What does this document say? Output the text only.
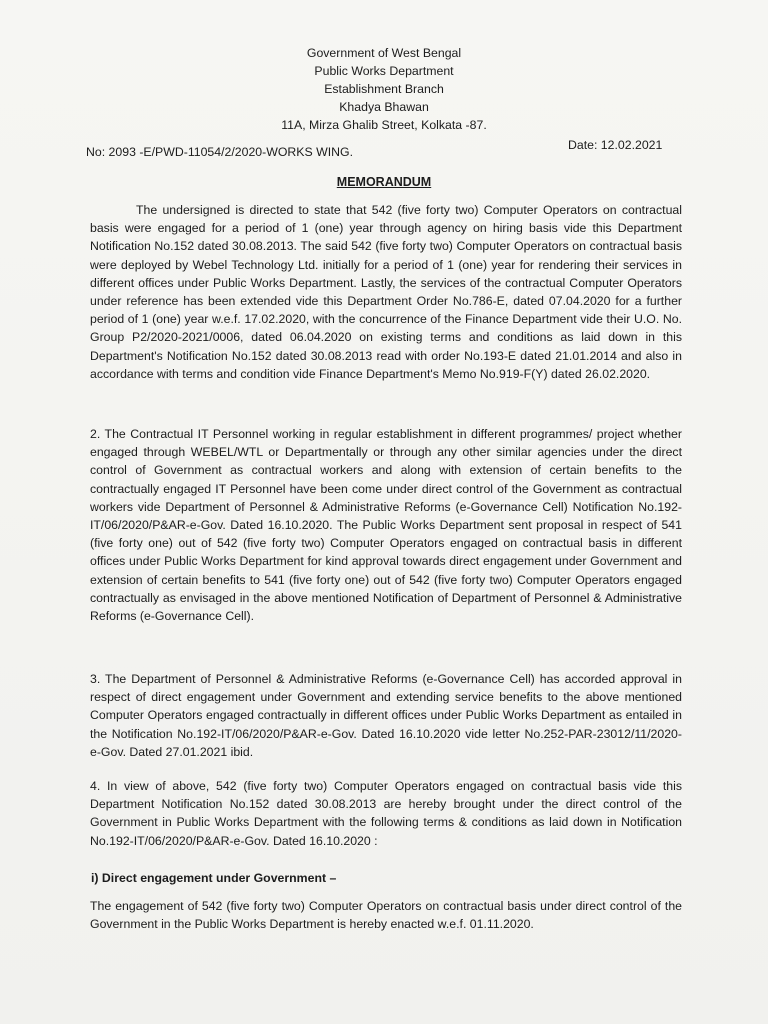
Government of West Bengal
Public Works Department
Establishment Branch
Khadya Bhawan
11A, Mirza Ghalib Street, Kolkata -87.
No: 2093 -E/PWD-11054/2/2020-WORKS WING.	Date: 12.02.2021
MEMORANDUM
The undersigned is directed to state that 542 (five forty two) Computer Operators on contractual basis were engaged for a period of 1 (one) year through agency on hiring basis vide this Department Notification No.152 dated 30.08.2013. The said 542 (five forty two) Computer Operators on contractual basis were deployed by Webel Technology Ltd. initially for a period of 1 (one) year for rendering their services in different offices under Public Works Department. Lastly, the services of the contractual Computer Operators under reference has been extended vide this Department Order No.786-E, dated 07.04.2020 for a further period of 1 (one) year w.e.f. 17.02.2020, with the concurrence of the Finance Department vide their U.O. No. Group P2/2020-2021/0006, dated 06.04.2020 on existing terms and conditions as laid down in this Department's Notification No.152 dated 30.08.2013 read with order No.193-E dated 21.01.2014 and also in accordance with terms and condition vide Finance Department's Memo No.919-F(Y) dated 26.02.2020.
2. The Contractual IT Personnel working in regular establishment in different programmes/ project whether engaged through WEBEL/WTL or Departmentally or through any other similar agencies under the direct control of Government as contractual workers and along with extension of certain benefits to the contractually engaged IT Personnel have been come under direct control of the Government as contractual workers vide Department of Personnel & Administrative Reforms (e-Governance Cell) Notification No.192-IT/06/2020/P&AR-e-Gov. Dated 16.10.2020. The Public Works Department sent proposal in respect of 541 (five forty one) out of 542 (five forty two) Computer Operators engaged on contractual basis in different offices under Public Works Department for kind approval towards direct engagement under Government and extension of certain benefits to 541 (five forty one) out of 542 (five forty two) Computer Operators engaged contractually as envisaged in the above mentioned Notification of Department of Personnel & Administrative Reforms (e-Governance Cell).
3. The Department of Personnel & Administrative Reforms (e-Governance Cell) has accorded approval in respect of direct engagement under Government and extending service benefits to the above mentioned Computer Operators engaged contractually in different offices under Public Works Department as entailed in the Notification No.192-IT/06/2020/P&AR-e-Gov. Dated 16.10.2020 vide letter No.252-PAR-23012/11/2020-e-Gov. Dated 27.01.2021 ibid.
4. In view of above, 542 (five forty two) Computer Operators engaged on contractual basis vide this Department Notification No.152 dated 30.08.2013 are hereby brought under the direct control of the Government in Public Works Department with the following terms & conditions as laid down in Notification No.192-IT/06/2020/P&AR-e-Gov. Dated 16.10.2020 :
i) Direct engagement under Government –
The engagement of 542 (five forty two) Computer Operators on contractual basis under direct control of the Government in the Public Works Department is hereby enacted w.e.f. 01.11.2020.
